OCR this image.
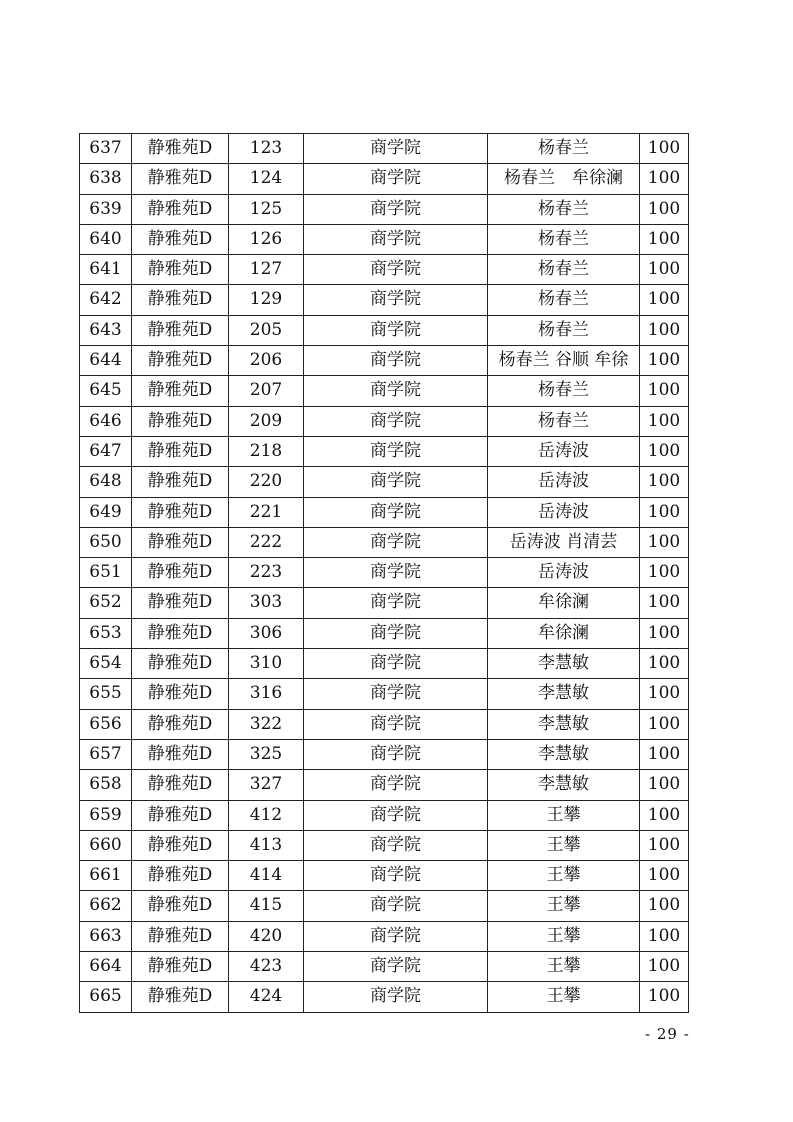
637	静雅苑D	123	商学院	杨春兰	100
638	静雅苑D	124	商学院	杨春兰　牟徐澜	100
639	静雅苑D	125	商学院	杨春兰	100
640	静雅苑D	126	商学院	杨春兰	100
641	静雅苑D	127	商学院	杨春兰	100
642	静雅苑D	129	商学院	杨春兰	100
643	静雅苑D	205	商学院	杨春兰	100
644	静雅苑D	206	商学院	杨春兰 谷顺 牟徐	100
645	静雅苑D	207	商学院	杨春兰	100
646	静雅苑D	209	商学院	杨春兰	100
647	静雅苑D	218	商学院	岳涛波	100
648	静雅苑D	220	商学院	岳涛波	100
649	静雅苑D	221	商学院	岳涛波	100
650	静雅苑D	222	商学院	岳涛波 肖清芸	100
651	静雅苑D	223	商学院	岳涛波	100
652	静雅苑D	303	商学院	牟徐澜	100
653	静雅苑D	306	商学院	牟徐澜	100
654	静雅苑D	310	商学院	李慧敏	100
655	静雅苑D	316	商学院	李慧敏	100
656	静雅苑D	322	商学院	李慧敏	100
657	静雅苑D	325	商学院	李慧敏	100
658	静雅苑D	327	商学院	李慧敏	100
659	静雅苑D	412	商学院	王攀	100
660	静雅苑D	413	商学院	王攀	100
661	静雅苑D	414	商学院	王攀	100
662	静雅苑D	415	商学院	王攀	100
663	静雅苑D	420	商学院	王攀	100
664	静雅苑D	423	商学院	王攀	100
665	静雅苑D	424	商学院	王攀	100
- 29 -
